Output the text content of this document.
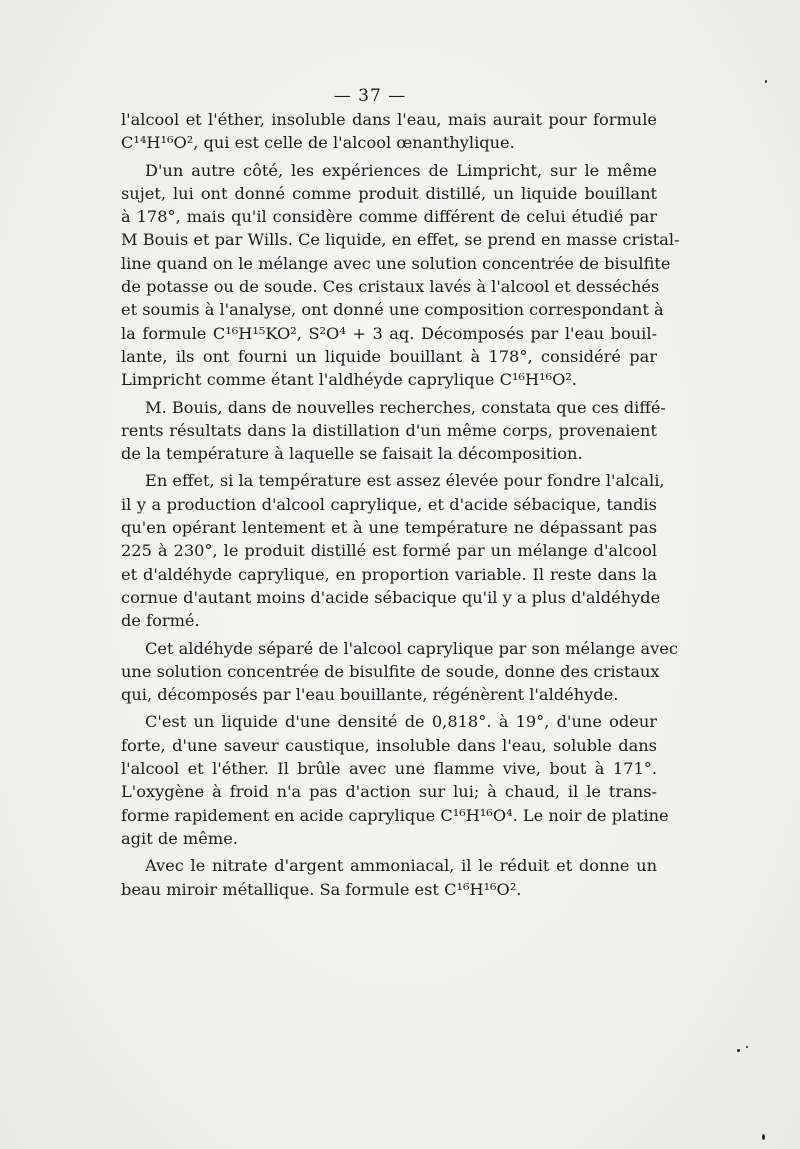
— 37 —
l'alcool et l'éther, insoluble dans l'eau, mais aurait pour formule
C¹⁴H¹⁶O², qui est celle de l'alcool œnanthylique.
D'un autre côté, les expériences de Limpricht, sur le même
sujet, lui ont donné comme produit distillé, un liquide bouillant
à 178°, mais qu'il considère comme différent de celui étudié par
M Bouis et par Wills. Ce liquide, en effet, se prend en masse cristal-
line quand on le mélange avec une solution concentrée de bisulfite
de potasse ou de soude. Ces cristaux lavés à l'alcool et desséchés
et soumis à l'analyse, ont donné une composition correspondant à
la formule C¹⁶H¹⁵KO², S²O⁴ + 3 aq. Décomposés par l'eau bouil-
lante, ils ont fourni un liquide bouillant à 178°, considéré par
Limpricht comme étant l'aldhéyde caprylique C¹⁶H¹⁶O².
M. Bouis, dans de nouvelles recherches, constata que ces diffé-
rents résultats dans la distillation d'un même corps, provenaient
de la température à laquelle se faisait la décomposition.
En effet, si la température est assez élevée pour fondre l'alcali,
il y a production d'alcool caprylique, et d'acide sébacique, tandis
qu'en opérant lentement et à une température ne dépassant pas
225 à 230°, le produit distillé est formé par un mélange d'alcool
et d'aldéhyde caprylique, en proportion variable. Il reste dans la
cornue d'autant moins d'acide sébacique qu'il y a plus d'aldéhyde
de formé.
Cet aldéhyde séparé de l'alcool caprylique par son mélange avec
une solution concentrée de bisulfite de soude, donne des cristaux
qui, décomposés par l'eau bouillante, régénèrent l'aldéhyde.
C'est un liquide d'une densité de 0,818°. à 19°, d'une odeur
forte, d'une saveur caustique, insoluble dans l'eau, soluble dans
l'alcool et l'éther. Il brûle avec une flamme vive, bout à 171°.
L'oxygène à froid n'a pas d'action sur lui; à chaud, il le trans-
forme rapidement en acide caprylique C¹⁶H¹⁶O⁴. Le noir de platine
agit de même.
Avec le nitrate d'argent ammoniacal, il le réduit et donne un
beau miroir métallique. Sa formule est C¹⁶H¹⁶O².
